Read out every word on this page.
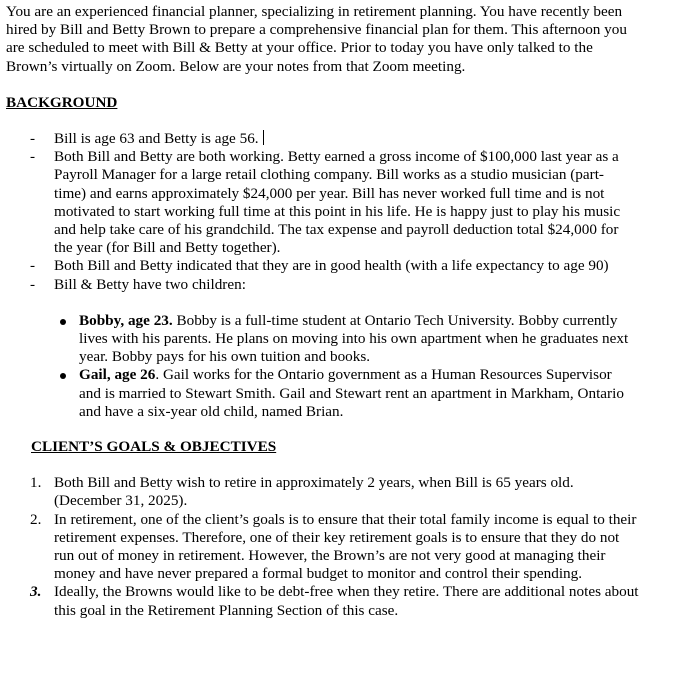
You are an experienced financial planner, specializing in retirement planning. You have recently been hired by Bill and Betty Brown to prepare a comprehensive financial plan for them. This afternoon you are scheduled to meet with Bill & Betty at your office. Prior to today you have only talked to the Brown’s virtually on Zoom. Below are your notes from that Zoom meeting.

BACKGROUND
- Bill is age 63 and Betty is age 56.
- Both Bill and Betty are both working. Betty earned a gross income of $100,000 last year as a Payroll Manager for a large retail clothing company. Bill works as a studio musician (part-time) and earns approximately $24,000 per year. Bill has never worked full time and is not motivated to start working full time at this point in his life. He is happy just to play his music and help take care of his grandchild. The tax expense and payroll deduction total $24,000 for the year (for Bill and Betty together).
- Both Bill and Betty indicated that they are in good health (with a life expectancy to age 90)
- Bill & Betty have two children:
Bobby, age 23. Bobby is a full-time student at Ontario Tech University. Bobby currently lives with his parents. He plans on moving into his own apartment when he graduates next year. Bobby pays for his own tuition and books.
Gail, age 26. Gail works for the Ontario government as a Human Resources Supervisor and is married to Stewart Smith. Gail and Stewart rent an apartment in Markham, Ontario and have a six-year old child, named Brian.
CLIENT’S GOALS & OBJECTIVES
1. Both Bill and Betty wish to retire in approximately 2 years, when Bill is 65 years old. (December 31, 2025).
2. In retirement, one of the client’s goals is to ensure that their total family income is equal to their retirement expenses. Therefore, one of their key retirement goals is to ensure that they do not run out of money in retirement. However, the Brown’s are not very good at managing their money and have never prepared a formal budget to monitor and control their spending.
3. Ideally, the Browns would like to be debt-free when they retire. There are additional notes about this goal in the Retirement Planning Section of this case.
